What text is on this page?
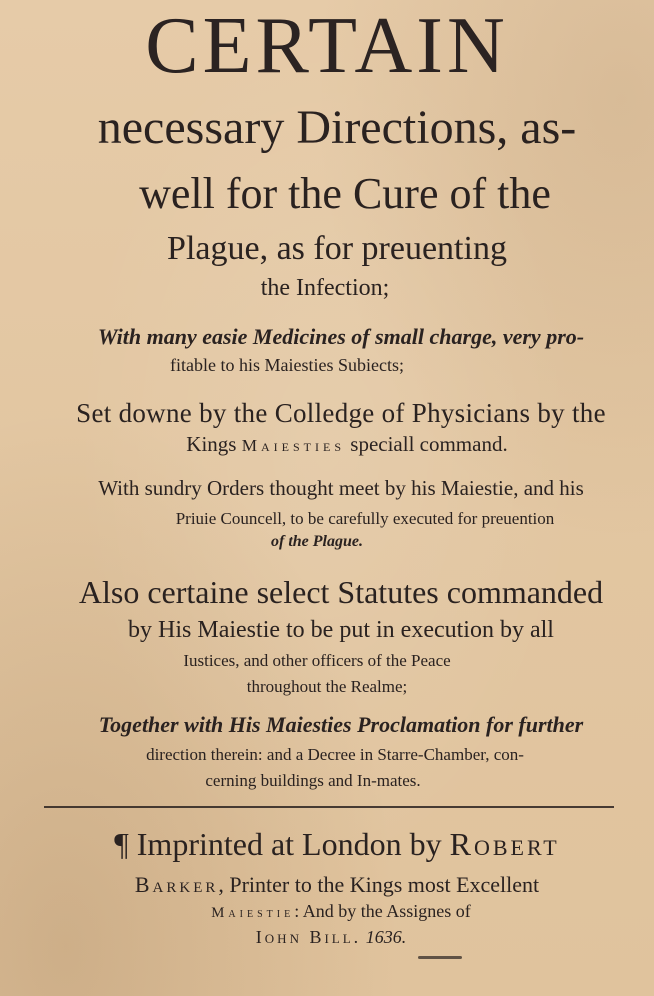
CERTAIN
necessary Directions, as-
well for the Cure of the
Plague, as for preuenting
the Infection;
With many easie Medicines of small charge, very pro-
fitable to his Maiesties Subiects;
Set downe by the Colledge of Physicians by the
Kings Maiesties speciall command.
With sundry Orders thought meet by his Maiestie, and his
Priuie Councell, to be carefully executed for preuention
of the Plague.
Also certaine select Statutes commanded
by His Maiestie to be put in execution by all
Iustices, and other officers of the Peace
throughout the Realme;
Together with His Maiesties Proclamation for further
direction therein: and a Decree in Starre-Chamber, con-
cerning buildings and In-mates.
¶ Imprinted at London by Robert
Barker, Printer to the Kings most Excellent
Maiestie: And by the Assignes of
Iohn Bill. 1636.
